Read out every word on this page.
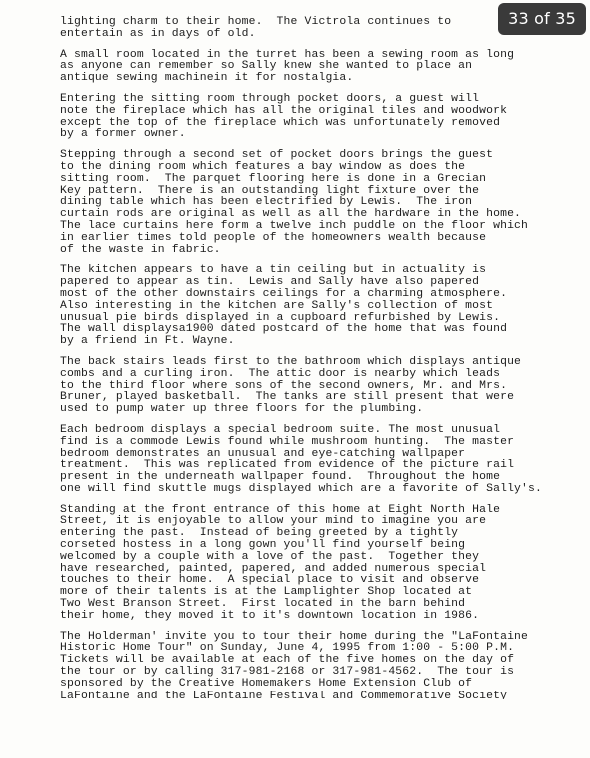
lighting charm to their home.  The Victrola continues to
entertain as in days of old.

A small room located in the turret has been a sewing room as long
as anyone can remember so Sally knew she wanted to place an
antique sewing machinein it for nostalgia.

Entering the sitting room through pocket doors, a guest will
note the fireplace which has all the original tiles and woodwork
except the top of the fireplace which was unfortunately removed
by a former owner.

Stepping through a second set of pocket doors brings the guest
to the dining room which features a bay window as does the
sitting room.  The parquet flooring here is done in a Grecian
Key pattern.  There is an outstanding light fixture over the
dining table which has been electrified by Lewis.  The iron
curtain rods are original as well as all the hardware in the home.
The lace curtains here form a twelve inch puddle on the floor which
in earlier times told people of the homeowners wealth because
of the waste in fabric.

The kitchen appears to have a tin ceiling but in actuality is
papered to appear as tin.  Lewis and Sally have also papered
most of the other downstairs ceilings for a charming atmosphere.
Also interesting in the kitchen are Sally's collection of most
unusual pie birds displayed in a cupboard refurbished by Lewis.
The wall displaysa1900 dated postcard of the home that was found
by a friend in Ft. Wayne.

The back stairs leads first to the bathroom which displays antique
combs and a curling iron.  The attic door is nearby which leads
to the third floor where sons of the second owners, Mr. and Mrs.
Bruner, played basketball.  The tanks are still present that were
used to pump water up three floors for the plumbing.

Each bedroom displays a special bedroom suite. The most unusual
find is a commode Lewis found while mushroom hunting.  The master
bedroom demonstrates an unusual and eye-catching wallpaper
treatment.  This was replicated from evidence of the picture rail
present in the underneath wallpaper found.  Throughout the home
one will find skuttle mugs displayed which are a favorite of Sally's.

Standing at the front entrance of this home at Eight North Hale
Street, it is enjoyable to allow your mind to imagine you are
entering the past.  Instead of being greeted by a tightly
corseted hostess in a long gown you'll find yourself being
welcomed by a couple with a love of the past.  Together they
have researched, painted, papered, and added numerous special
touches to their home.  A special place to visit and observe
more of their talents is at the Lamplighter Shop located at
Two West Branson Street.  First located in the barn behind
their home, they moved it to it's downtown location in 1986.

The Holderman' invite you to tour their home during the "LaFontaine
Historic Home Tour" on Sunday, June 4, 1995 from 1:00 - 5:00 P.M.
Tickets will be available at each of the five homes on the day of
the tour or by calling 317-981-2168 or 317-981-4562.  The tour is
sponsored by the Creative Homemakers Home Extension Club of
LaFontaine and the LaFontaine Festival and Commemorative Society

33 of 35
